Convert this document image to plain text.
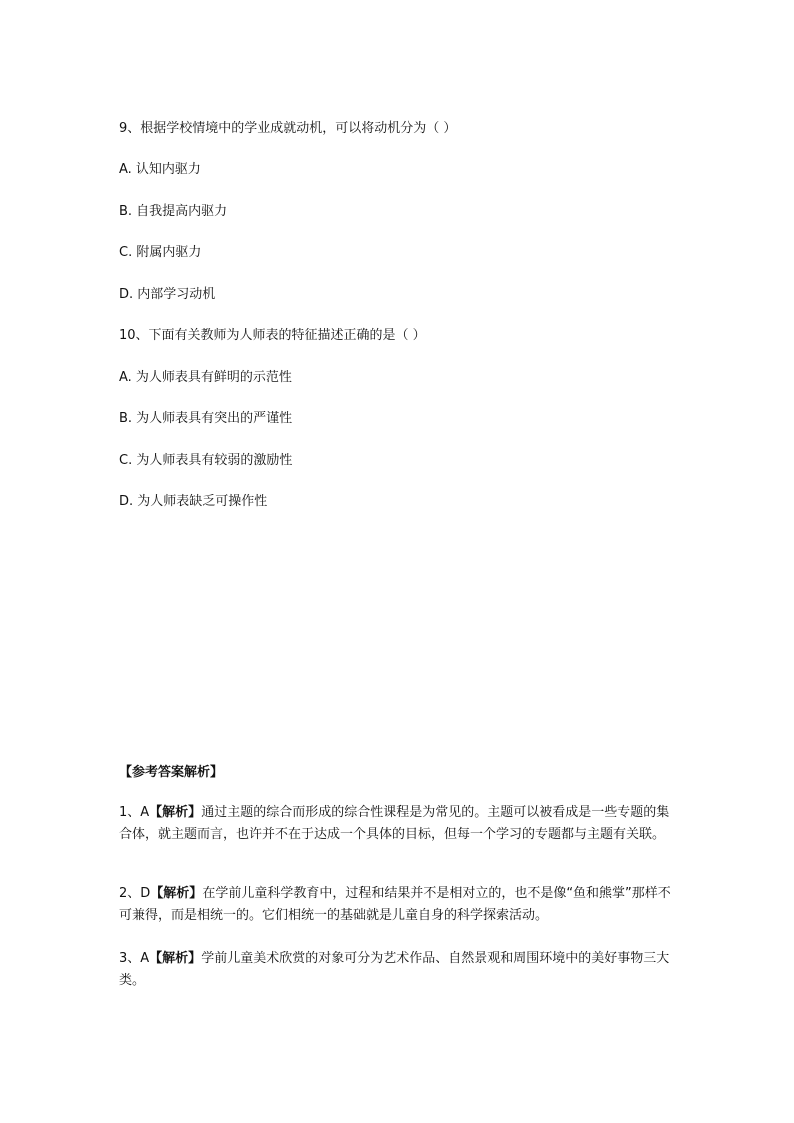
9、根据学校情境中的学业成就动机，可以将动机分为（ ）
A. 认知内驱力
B. 自我提高内驱力
C. 附属内驱力
D. 内部学习动机
10、下面有关教师为人师表的特征描述正确的是（ ）
A. 为人师表具有鲜明的示范性
B. 为人师表具有突出的严谨性
C. 为人师表具有较弱的激励性
D. 为人师表缺乏可操作性
【参考答案解析】
1、A【解析】通过主题的综合而形成的综合性课程是为常见的。主题可以被看成是一些专题的集合体，就主题而言，也许并不在于达成一个具体的目标，但每一个学习的专题都与主题有关联。
2、D【解析】在学前儿童科学教育中，过程和结果并不是相对立的，也不是像“鱼和熊掌”那样不可兼得，而是相统一的。它们相统一的基础就是儿童自身的科学探索活动。
3、A【解析】学前儿童美术欣赏的对象可分为艺术作品、自然景观和周围环境中的美好事物三大类。
